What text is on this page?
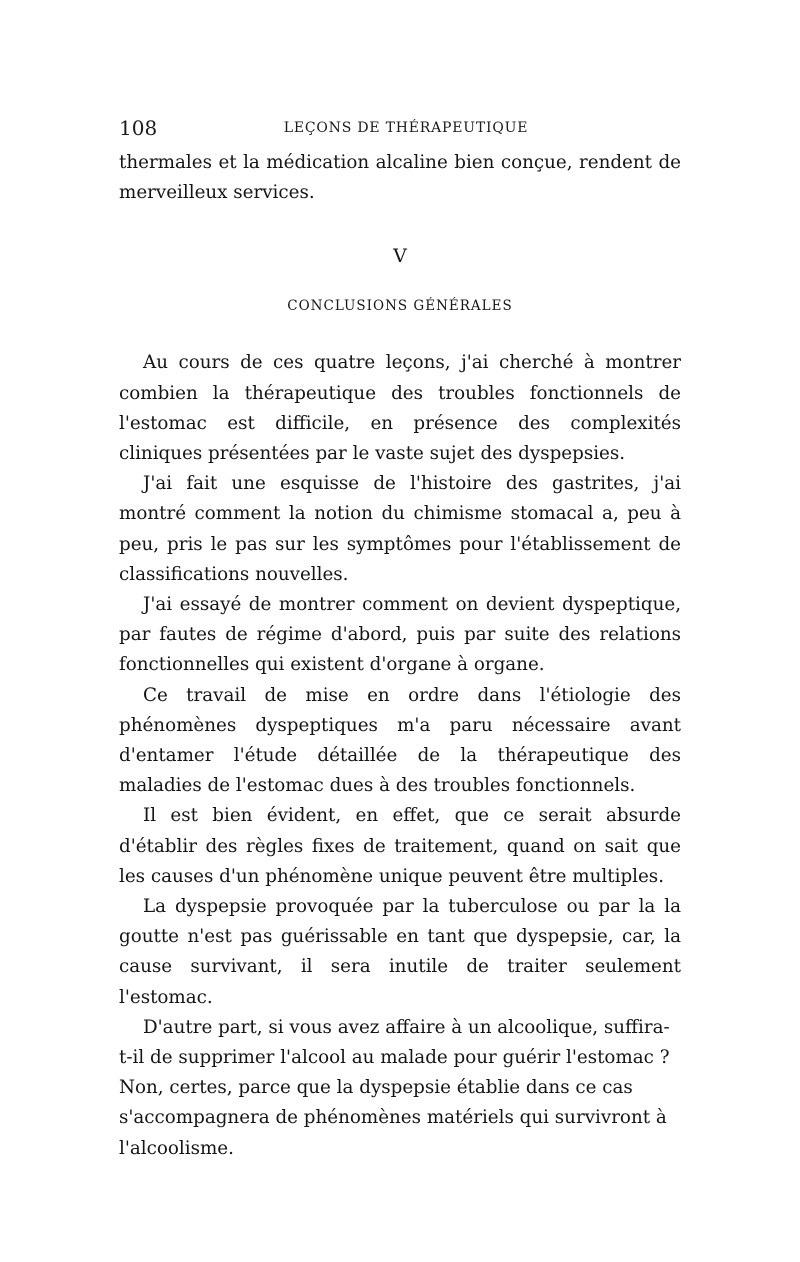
108	LEÇONS DE THÉRAPEUTIQUE

thermales et la médication alcaline bien conçue, rendent de merveilleux services.

V

CONCLUSIONS GÉNÉRALES

Au cours de ces quatre leçons, j'ai cherché à montrer combien la thérapeutique des troubles fonctionnels de l'estomac est difficile, en présence des complexités cliniques présentées par le vaste sujet des dyspepsies.

J'ai fait une esquisse de l'histoire des gastrites, j'ai montré comment la notion du chimisme stomacal a, peu à peu, pris le pas sur les symptômes pour l'établissement de classifications nouvelles.

J'ai essayé de montrer comment on devient dyspeptique, par fautes de régime d'abord, puis par suite des relations fonctionnelles qui existent d'organe à organe.

Ce travail de mise en ordre dans l'étiologie des phénomènes dyspeptiques m'a paru nécessaire avant d'entamer l'étude détaillée de la thérapeutique des maladies de l'estomac dues à des troubles fonctionnels.

Il est bien évident, en effet, que ce serait absurde d'établir des règles fixes de traitement, quand on sait que les causes d'un phénomène unique peuvent être multiples.

La dyspepsie provoquée par la tuberculose ou par la la goutte n'est pas guérissable en tant que dyspepsie, car, la cause survivant, il sera inutile de traiter seulement l'estomac.

D'autre part, si vous avez affaire à un alcoolique, suffira-t-il de supprimer l'alcool au malade pour guérir l'estomac ? Non, certes, parce que la dyspepsie établie dans ce cas s'accompagnera de phénomènes matériels qui survivront à l'alcoolisme.
